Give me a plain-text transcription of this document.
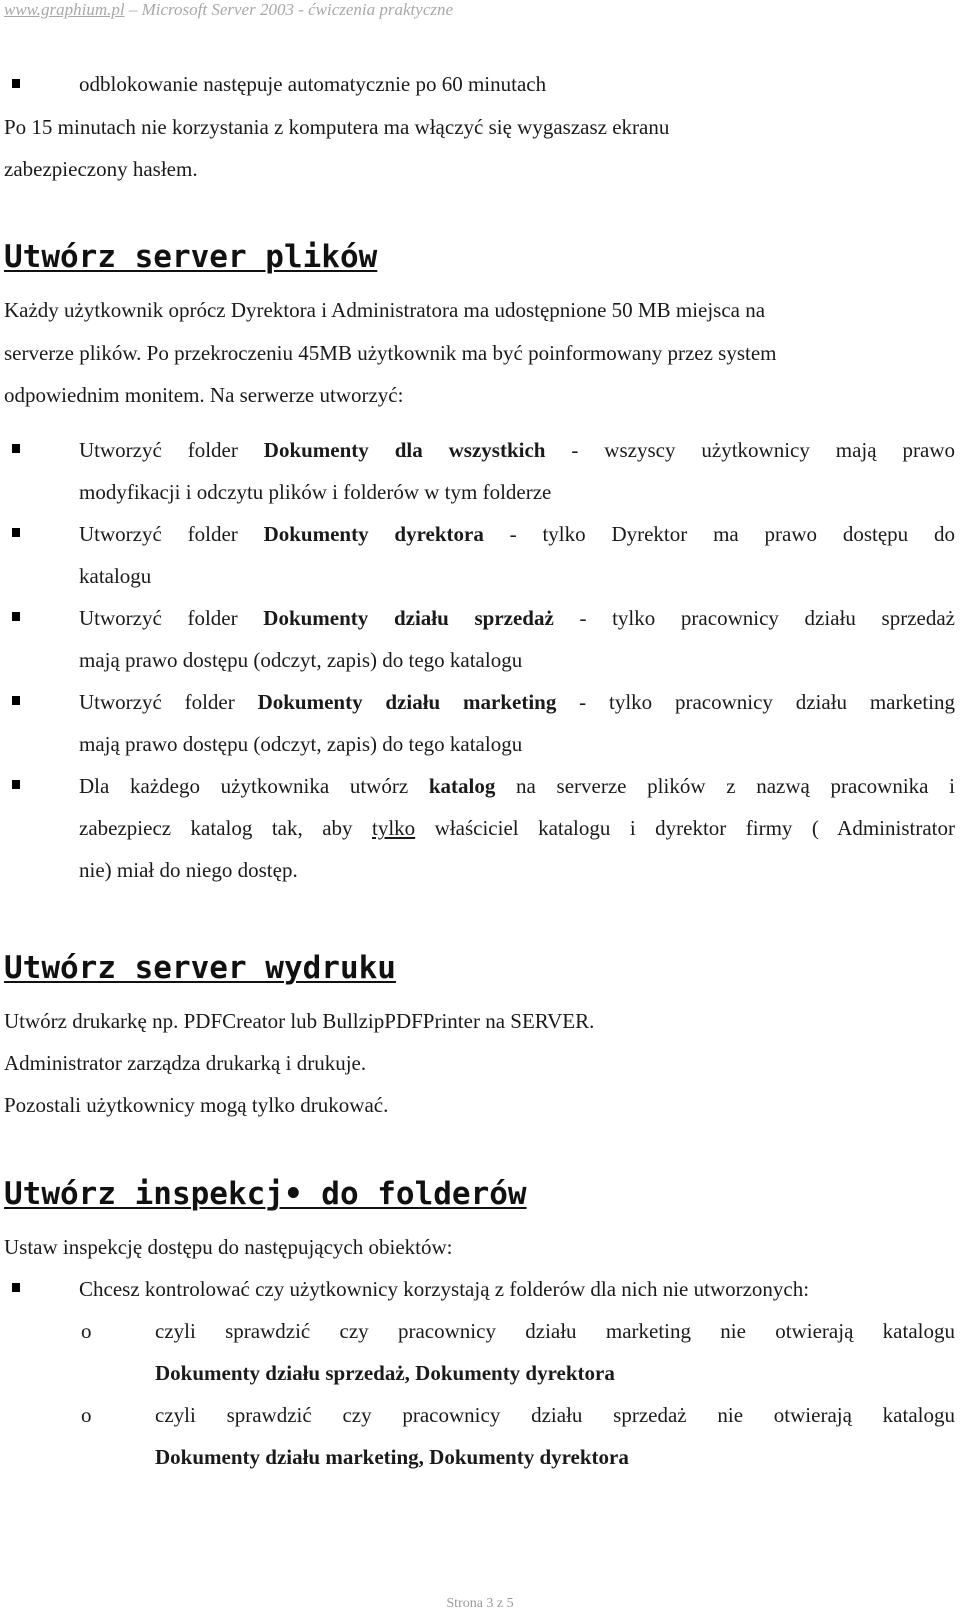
www.graphium.pl – Microsoft Server 2003 - ćwiczenia praktyczne
odblokowanie następuje automatycznie po 60 minutach
Po 15 minutach nie korzystania z komputera ma włączyć się wygaszasz ekranu
zabezpieczony hasłem.
Utwórz server plików
Każdy użytkownik oprócz Dyrektora i Administratora ma udostępnione 50 MB miejsca na
serverze plików. Po przekroczeniu 45MB użytkownik ma być poinformowany przez system
odpowiednim monitem. Na serwerze utworzyć:
Utworzyć folder Dokumenty dla wszystkich - wszyscy użytkownicy mają prawo
modyfikacji i odczytu plików i folderów w tym folderze
Utworzyć folder Dokumenty dyrektora - tylko Dyrektor ma prawo dostępu do
katalogu
Utworzyć folder Dokumenty działu sprzedaż - tylko pracownicy działu sprzedaż
mają prawo dostępu (odczyt, zapis) do tego katalogu
Utworzyć folder Dokumenty działu marketing - tylko pracownicy działu marketing
mają prawo dostępu (odczyt, zapis) do tego katalogu
Dla każdego użytkownika utwórz katalog na serverze plików z nazwą pracownika i
zabezpiecz katalog tak, aby tylko właściciel katalogu i dyrektor firmy ( Administrator
nie) miał do niego dostęp.
Utwórz server wydruku
Utwórz drukarkę np. PDFCreator lub BullzipPDFPrinter na SERVER.
Administrator zarządza drukarką i drukuje.
Pozostali użytkownicy mogą tylko drukować.
Utwórz inspekcj• do folderów
Ustaw inspekcję dostępu do następujących obiektów:
Chcesz kontrolować czy użytkownicy korzystają z folderów dla nich nie utworzonych:
o	czyli sprawdzić czy pracownicy działu marketing nie otwierają katalogu
Dokumenty działu sprzedaż, Dokumenty dyrektora
o	czyli sprawdzić czy pracownicy działu sprzedaż nie otwierają katalogu
Dokumenty działu marketing, Dokumenty dyrektora
Strona 3 z 5
